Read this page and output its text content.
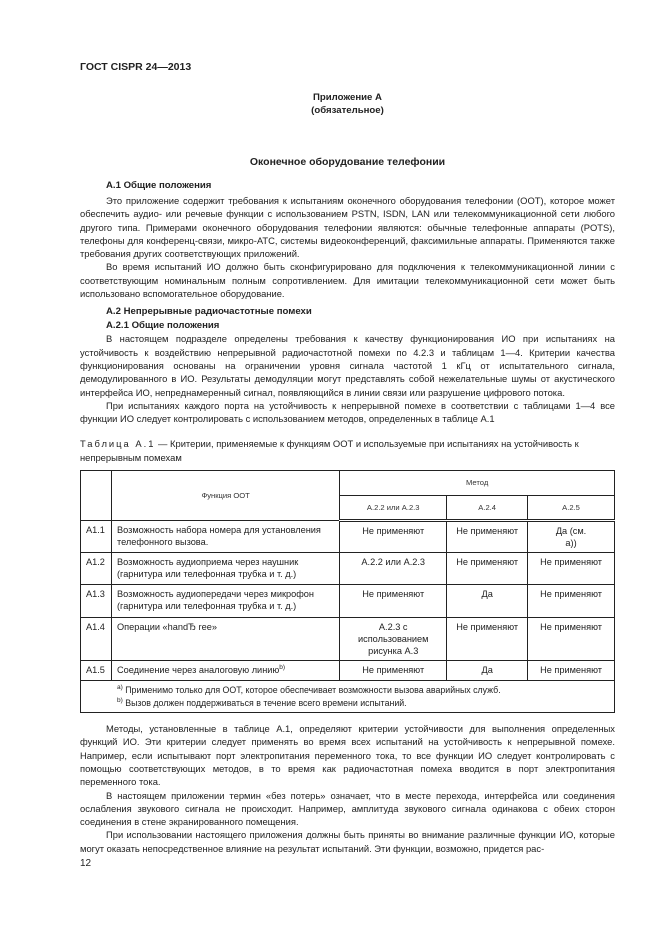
ГОСТ CISPR 24—2013
Приложение А
(обязательное)
Оконечное оборудование телефонии
А.1 Общие положения
Это приложение содержит требования к испытаниям оконечного оборудования телефонии (ООТ), которое может обеспечить аудио- или речевые функции с использованием PSTN, ISDN, LAN или телекоммуникационной сети любого другого типа. Примерами оконечного оборудования телефонии являются: обычные телефонные аппараты (POTS), телефоны для конференц-связи, микро-АТС, системы видеоконференций, факсимильные аппараты. Применяются также требования других соответствующих приложений.
Во время испытаний ИО должно быть сконфигурировано для подключения к телекоммуникационной линии с соответствующим номинальным полным сопротивлением. Для имитации телекоммуникационной сети может быть использовано вспомогательное оборудование.
А.2 Непрерывные радиочастотные помехи
А.2.1 Общие положения
В настоящем подразделе определены требования к качеству функционирования ИО при испытаниях на устойчивость к воздействию непрерывной радиочастотной помехи по 4.2.3 и таблицам 1—4. Критерии качества функционирования основаны на ограничении уровня сигнала частотой 1 кГц от испытательного сигнала, демодулированного в ИО. Результаты демодуляции могут представлять собой нежелательные шумы от акустического интерфейса ИО, непреднамеренный сигнал, появляющийся в линии связи или разрушение цифрового потока.
При испытаниях каждого порта на устойчивость к непрерывной помехе в соответствии с таблицами 1—4 все функции ИО следует контролировать с использованием методов, определенных в таблице А.1
Таблица А.1 — Критерии, применяемые к функциям ООТ и используемые при испытаниях на устойчивость к непрерывным помехам
	Функция ООТ	Метод		
		А.2.2 или А.2.3	А.2.4	А.2.5
А1.1	Возможность набора номера для установления телефонного вызова.	Не применяют	Не применяют	Да (см. а))
А1.2	Возможность аудиоприема через наушник (гарнитура или телефонная трубка и т. д.)	А.2.2 или А.2.3	Не применяют	Не применяют
А1.3	Возможность аудиопередачи через микрофон (гарнитура или телефонная трубка и т. д.)	Не применяют	Да	Не применяют
А1.4	Операции «handЂ ree»	А.2.3 с использованием рисунка А.3	Не применяют	Не применяют
А1.5	Соединение через аналоговую линию$^{b)}$	Не применяют	Да	Не применяют

$^{a)}$ Применимо только для ООТ, которое обеспечивает возможности вызова аварийных служб.
$^{b)}$ Вызов должен поддерживаться в течение всего времени испытаний.				
Методы, установленные в таблице А.1, определяют критерии устойчивости для выполнения определенных функций ИО. Эти критерии следует применять во время всех испытаний на устойчивость к непрерывной помехе. Например, если испытывают порт электропитания переменного тока, то все функции ИО следует контролировать с помощью соответствующих методов, в то время как радиочастотная помеха вводится в порт электропитания переменного тока.
В настоящем приложении термин «без потерь» означает, что в месте перехода, интерфейса или соединения ослабления звукового сигнала не происходит. Например, амплитуда звукового сигнала одинакова с обеих сторон соединения в стене экранированного помещения.
При использовании настоящего приложения должны быть приняты во внимание различные функции ИО, которые могут оказать непосредственное влияние на результат испытаний. Эти функции, возможно, придется рас-
12
